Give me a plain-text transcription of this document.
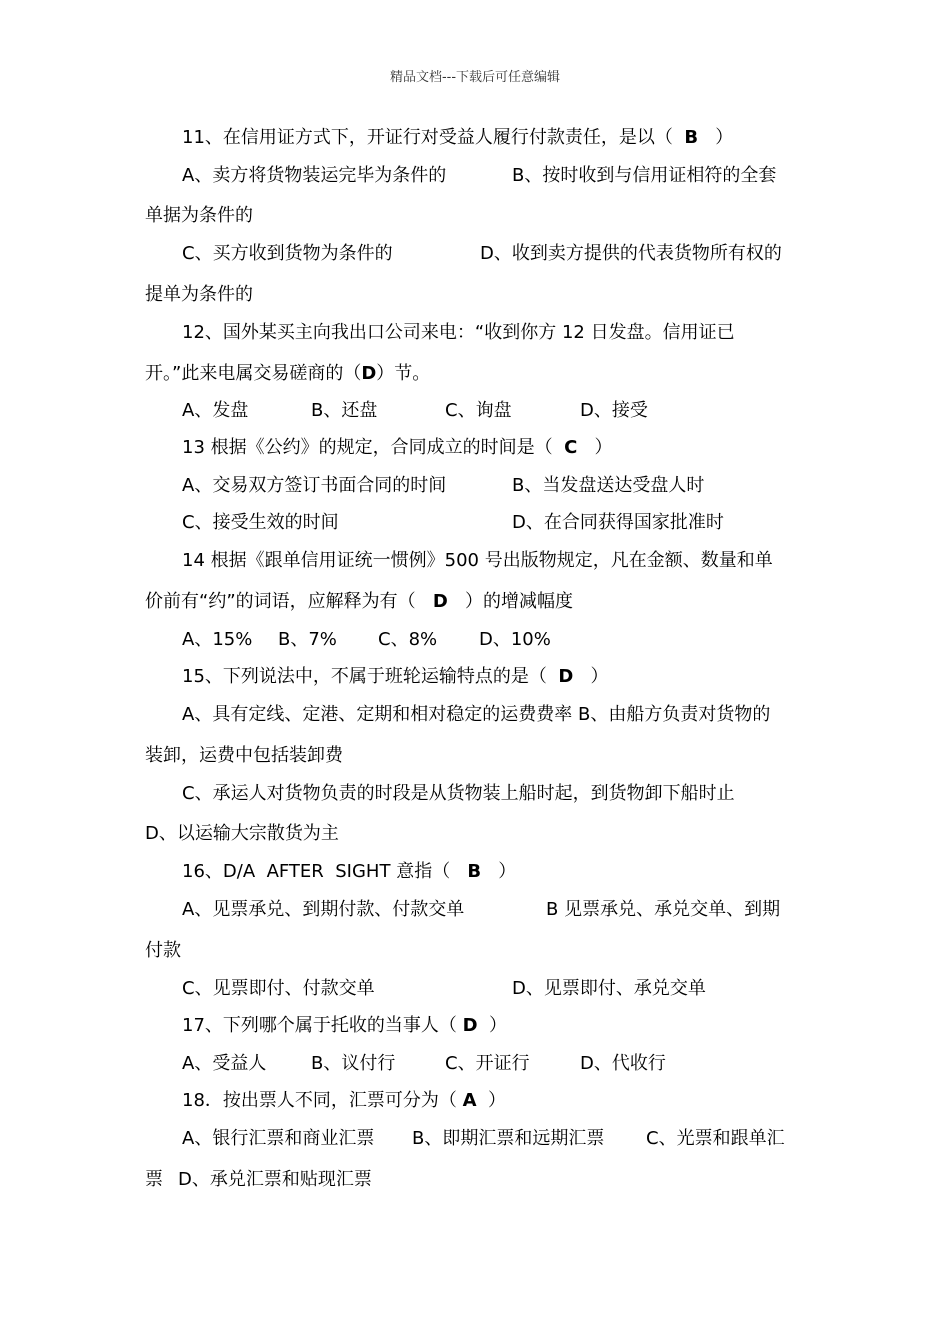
精品文档---下载后可任意编辑
11、在信用证方式下，开证行对受益人履行付款责任，是以（ B ）
A、卖方将货物装运完毕为条件的	B、按时收到与信用证相符的全套
单据为条件的
C、买方收到货物为条件的	D、收到卖方提供的代表货物所有权的
提单为条件的
12、国外某买主向我出口公司来电：“收到你方 12 日发盘。信用证已
开。”此来电属交易磋商的（D）节。
A、发盘	B、还盘	C、询盘	D、接受
13 根据《公约》的规定，合同成立的时间是（ C ）
A、交易双方签订书面合同的时间	B、当发盘送达受盘人时
C、接受生效的时间	D、在合同获得国家批准时
14 根据《跟单信用证统一惯例》500 号出版物规定，凡在金额、数量和单
价前有“约”的词语，应解释为有（ D ）的增减幅度
A、15% B、7% C、8% D、10%
15、下列说法中，不属于班轮运输特点的是（ D ）
A、具有定线、定港、定期和相对稳定的运费费率 B、由船方负责对货物的
装卸，运费中包括装卸费
C、承运人对货物负责的时段是从货物装上船时起，到货物卸下船时止
D、以运输大宗散货为主
16、D/A  AFTER  SIGHT 意指（ B ）
A、见票承兑、到期付款、付款交单	B 见票承兑、承兑交单、到期
付款
C、见票即付、付款交单	D、见票即付、承兑交单
17、下列哪个属于托收的当事人（ D ）
A、受益人 B、议付行	C、开证行	D、代收行
18．按出票人不同，汇票可分为（ A ）
A、银行汇票和商业汇票 B、即期汇票和远期汇票 C、光票和跟单汇
票 D、承兑汇票和贴现汇票
